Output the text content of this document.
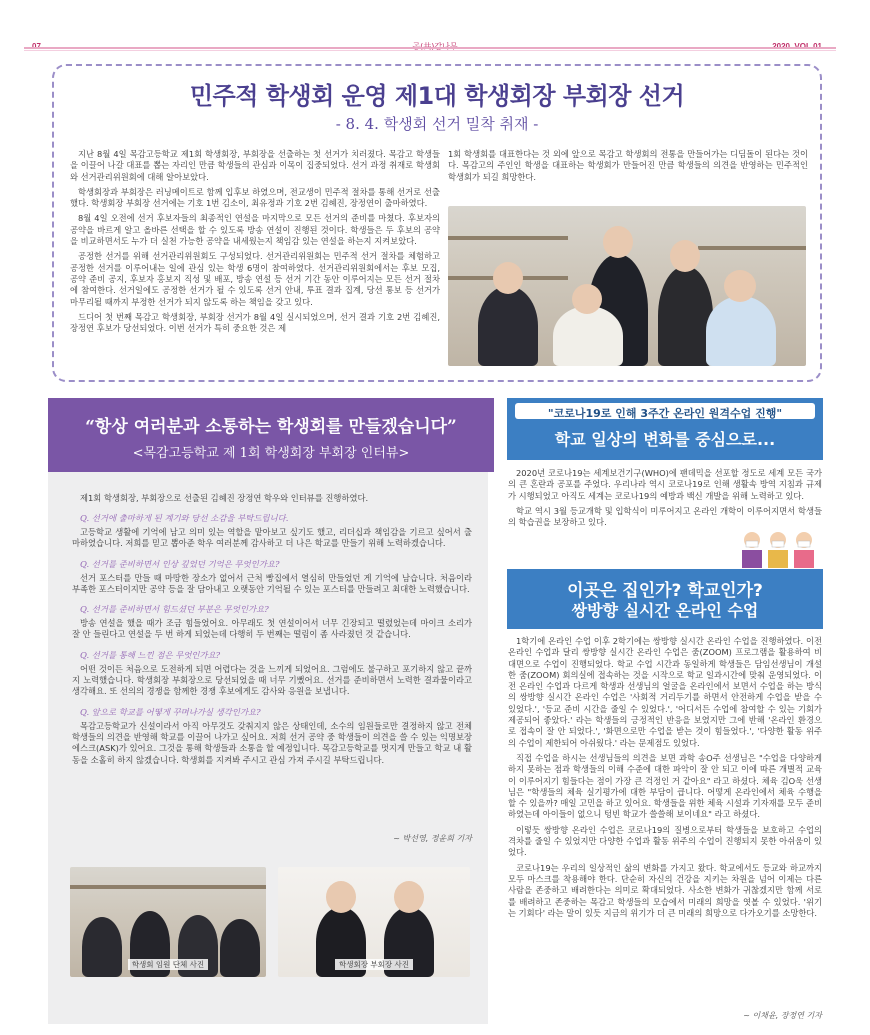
민주적 학생회 운영 제1대 학생회장 부회장 선거
- 8. 4. 학생회 선거 밀착 취재 -

지난 8월 4일 목감고등학교 제1회 학생회장, 부회장을 선출하는 첫 선거가 치러졌다. 목감고 학생들을 이끌어 나갈 대표를 뽑는 자리인 만큼 학생들의 관심과 이목이 집중되었다. 선거 과정 취재로 학생회와 선거관리위원회에 대해 알아보았다.

학생회장과 부회장은 러닝메이트로 함께 입후보 하였으며, 전교생이 민주적 절차를 통해 선거로 선출했다. 학생회장 부회장 선거에는 기호 1번 김소이, 최유정과 기호 2번 김혜진, 장정연이 출마하였다.

8월 4일 오전에 선거 후보자들의 최종적인 연설을 마지막으로 모든 선거의 준비를 마쳤다. 후보자의 공약을 바르게 알고 올바른 선택을 할 수 있도록 방송 연설이 진행된 것이다. 학생들은 두 후보의 공약을 비교하면서도 누가 더 실천 가능한 공약을 내세웠는지 책임감 있는 연설을 하는지 지켜보았다.

공정한 선거를 위해 선거관리위원회도 구성되었다. 선거관리위원회는 민주적 선거 절차를 체험하고 공정한 선거를 이루어내는 일에 관심 있는 학생 6명이 참여하였다. 선거관리위원회에서는 후보 모집, 공약 준비 공지, 후보자 홍보지 직성 및 배포, 방송 연설 등 선거 기간 동안 이루어지는 모든 선거 절차에 참여한다. 선거일에도 공정한 선거가 될 수 있도록 선거 안내, 투표 결과 집계, 당선 통보 등 선거가 마무리될 때까지 부정한 선거가 되지 않도록 하는 책임을 갖고 있다.

드디어 첫 번째 목감고 학생회장, 부회장 선거가 8월 4일 실시되었으며, 선거 결과 기호 2번 김혜진, 장정연 후보가 당선되었다. 이번 선거가 특히 중요한 것은 제

1회 학생회를 대표한다는 것 외에 앞으로 목감고 학생회의 전통을 만들어가는 디딤돌이 된다는 것이다. 목감고의 주인인 학생을 대표하는 학생회가 만들어진 만큼 학생들의 의견을 반영하는 민주적인 학생회가 되길 희망한다.

“항상 여러분과 소통하는 학생회를 만들겠습니다”
<목감고등학교 제 1회 학생회장 부회장 인터뷰>

제1회 학생회장, 부회장으로 선출된 김혜진 장정연 학우와 인터뷰를 진행하였다.

Q. 선거에 출마하게 된 계기와 당선 소감을 부탁드립니다.

고등학교 생활에 기억에 남고 의미 있는 역할을 맡아보고 싶기도 했고, 리더십과 책임감을 기르고 싶어서 출마하였습니다. 저희를 믿고 뽑아준 학우 여러분께 감사하고 더 나은 학교를 만들기 위해 노력하겠습니다.

Q. 선거를 준비하면서 인상 깊었던 기억은 무엇인가요?

선거 포스터를 만들 때 마땅한 장소가 없어서 근처 빵집에서 열심히 만들었던 게 기억에 남습니다. 처음이라 부족한 포스터이지만 공약 등을 잘 담아내고 오랫동안 기억될 수 있는 포스터를 만들려고 최대한 노력했습니다.

Q. 선거를 준비하면서 힘드셨던 부분은 무엇인가요?

방송 연설을 했을 때가 조금 힘들었어요. 아무래도 첫 연설이어서 너무 긴장되고 떨렸었는데 마이크 소리가 잘 안 들린다고 연설을 두 번 하게 되었는데 다행히 두 번째는 떨림이 좀 사라졌던 것 같습니다.

Q. 선거를 통해 느낀 점은 무엇인가요?

어떤 것이든 처음으로 도전하게 되면 어렵다는 것을 느끼게 되었어요. 그럼에도 불구하고 포기하지 않고 끝까지 노력했습니다. 학생회장 부회장으로 당선되었을 때 너무 기뻤어요. 선거를 준비하면서 노력한 결과물이라고 생각해요. 또 선의의 경쟁을 함께한 경쟁 후보에게도 감사와 응원을 보냅니다.

Q. 앞으로 학교를 어떻게 꾸며나가실 생각인가요?

목감고등학교가 신설이라서 아직 아무것도 갖춰지지 않은 상태인데, 소수의 임원들로만 결정하지 않고 전체 학생들의 의견을 반영해 학교를 이끌어 나가고 싶어요. 저희 선거 공약 중 학생들이 의견을 쓸 수 있는 익명보장 에스크(ASK)가 있어요. 그것을 통해 학생들과 소통을 할 예정입니다. 목감고등학교를 멋지게 만들고 학교 내 활동을 소홀히 하지 않겠습니다. 학생회를 지켜봐 주시고 관심 가져 주시길 부탁드립니다.

~ 박선영, 정윤희 기자
학생회 임원 단체 사진	학생회장 부회장 사진
"코로나19로 인해 3주간 온라인 원격수업 진행"
학교 일상의 변화를 중심으로...

2020년 코로나19는 세계보건기구(WHO)에 팬데믹을 선포할 정도로 세계 모든 국가의 큰 혼란과 공포를 주었다. 우리나라 역시 코로나19로 인해 생활속 방역 지침과 규제가 시행되었고 아직도 세계는 코로나19의 예방과 백신 개발을 위해 노력하고 있다.

학교 역시 3월 등교개학 및 입학식이 미루어지고 온라인 개학이 이루어지면서 학생들의 학습권을 보장하고 있다.

이곳은 집인가? 학교인가?
쌍방향 실시간 온라인 수업

1학기에 온라인 수업 이후 2학기에는 쌍방향 실시간 온라인 수업을 진행하였다. 이전 온라인 수업과 달리 쌍방향 실시간 온라인 수업은 줌(ZOOM) 프로그램을 활용하여 비대면으로 수업이 진행되었다. 학교 수업 시간과 동일하게 학생들은 담임선생님이 개설한 줌(ZOOM) 회의실에 접속하는 것을 시작으로 학교 일과시간에 맞춰 운영되었다. 이전 온라인 수업과 다르게 학생과 선생님의 얼굴을 온라인에서 보면서 수업을 하는 방식의 쌍방향 실시간 온라인 수업은 '사회적 거리두기를 하면서 안전하게 수업을 받을 수 있었다.', '등교 준비 시간을 줄일 수 있었다.', '어디서든 수업에 참여할 수 있는 기회가 제공되어 좋았다.' 라는 학생들의 긍정적인 반응을 보였지만 그에 반해 '온라인 환경으로 접속이 잘 안 되었다.', '화면으로만 수업을 받는 것이 힘들었다.', '다양한 활동 위주의 수업이 제한되어 아쉬웠다.' 라는 문제점도 있었다.

직접 수업을 하시는 선생님들의 의견을 보면 과학 송O주 선생님은 "수업을 다양하게 하지 못하는 점과 학생들의 이해 수준에 대한 파악이 잘 안 되고 이에 따른 개별적 교육이 이루어지기 힘들다는 점이 가장 큰 걱정인 거 같아요" 라고 하셨다. 체육 김O욱 선생님은 "학생들의 체육 실기평가에 대한 부담이 큽니다. 어떻게 온라인에서 체육 수행을 할 수 있을까? 매일 고민을 하고 있어요. 학생들을 위한 체육 시설과 기자재를 모두 준비하였는데 아이들이 없으니 텅빈 학교가 쓸쓸해 보이네요" 라고 하셨다.

이렇듯 쌍방향 온라인 수업은 코로나19의 질병으로부터 학생들을 보호하고 수업의 격차를 줄일 수 있었지만 다양한 수업과 활동 위주의 수업이 진행되지 못한 아쉬움이 있었다.

코로나19는 우리의 일상적인 삶의 변화를 가지고 왔다. 학교에서도 등교와 하교까지 모두 마스크를 착용해야 한다. 단순히 자신의 건강을 지키는 차원을 넘어 이제는 다른 사람을 존중하고 배려한다는 의미로 확대되었다. 사소한 변화가 귀찮겠지만 함께 서로를 배려하고 존중하는 목감고 학생들의 모습에서 미래의 희망을 엿볼 수 있었다. '위기는 기회다' 라는 말이 있듯 지금의 위기가 더 큰 미래의 희망으로 다가오기를 소망한다.

~ 이채윤, 장정연 기자
